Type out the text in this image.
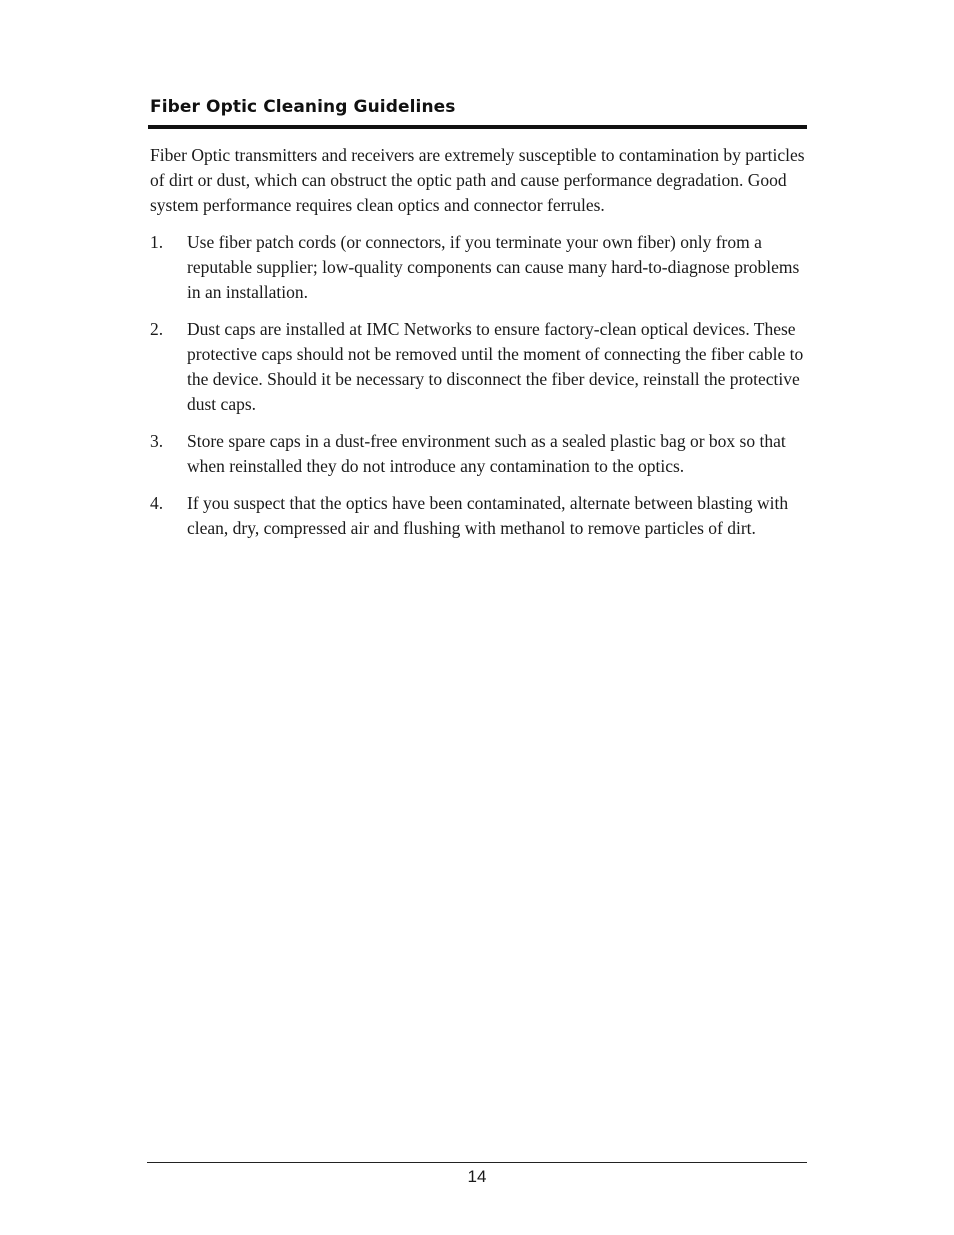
Fiber Optic Cleaning Guidelines

Fiber Optic transmitters and receivers are extremely susceptible to contamination by particles of dirt or dust, which can obstruct the optic path and cause performance degradation. Good system performance requires clean optics and connector ferrules.

1.	Use fiber patch cords (or connectors, if you terminate your own fiber) only from a reputable supplier; low-quality components can cause many hard-to-diagnose problems in an installation.
2.	Dust caps are installed at IMC Networks to ensure factory-clean optical devices. These protective caps should not be removed until the moment of connecting the fiber cable to the device. Should it be necessary to disconnect the fiber device, reinstall the protective dust caps.
3.	Store spare caps in a dust-free environment such as a sealed plastic bag or box so that when reinstalled they do not introduce any contamination to the optics.
4.	If you suspect that the optics have been contaminated, alternate between blasting with clean, dry, compressed air and flushing with methanol to remove particles of dirt.
14
